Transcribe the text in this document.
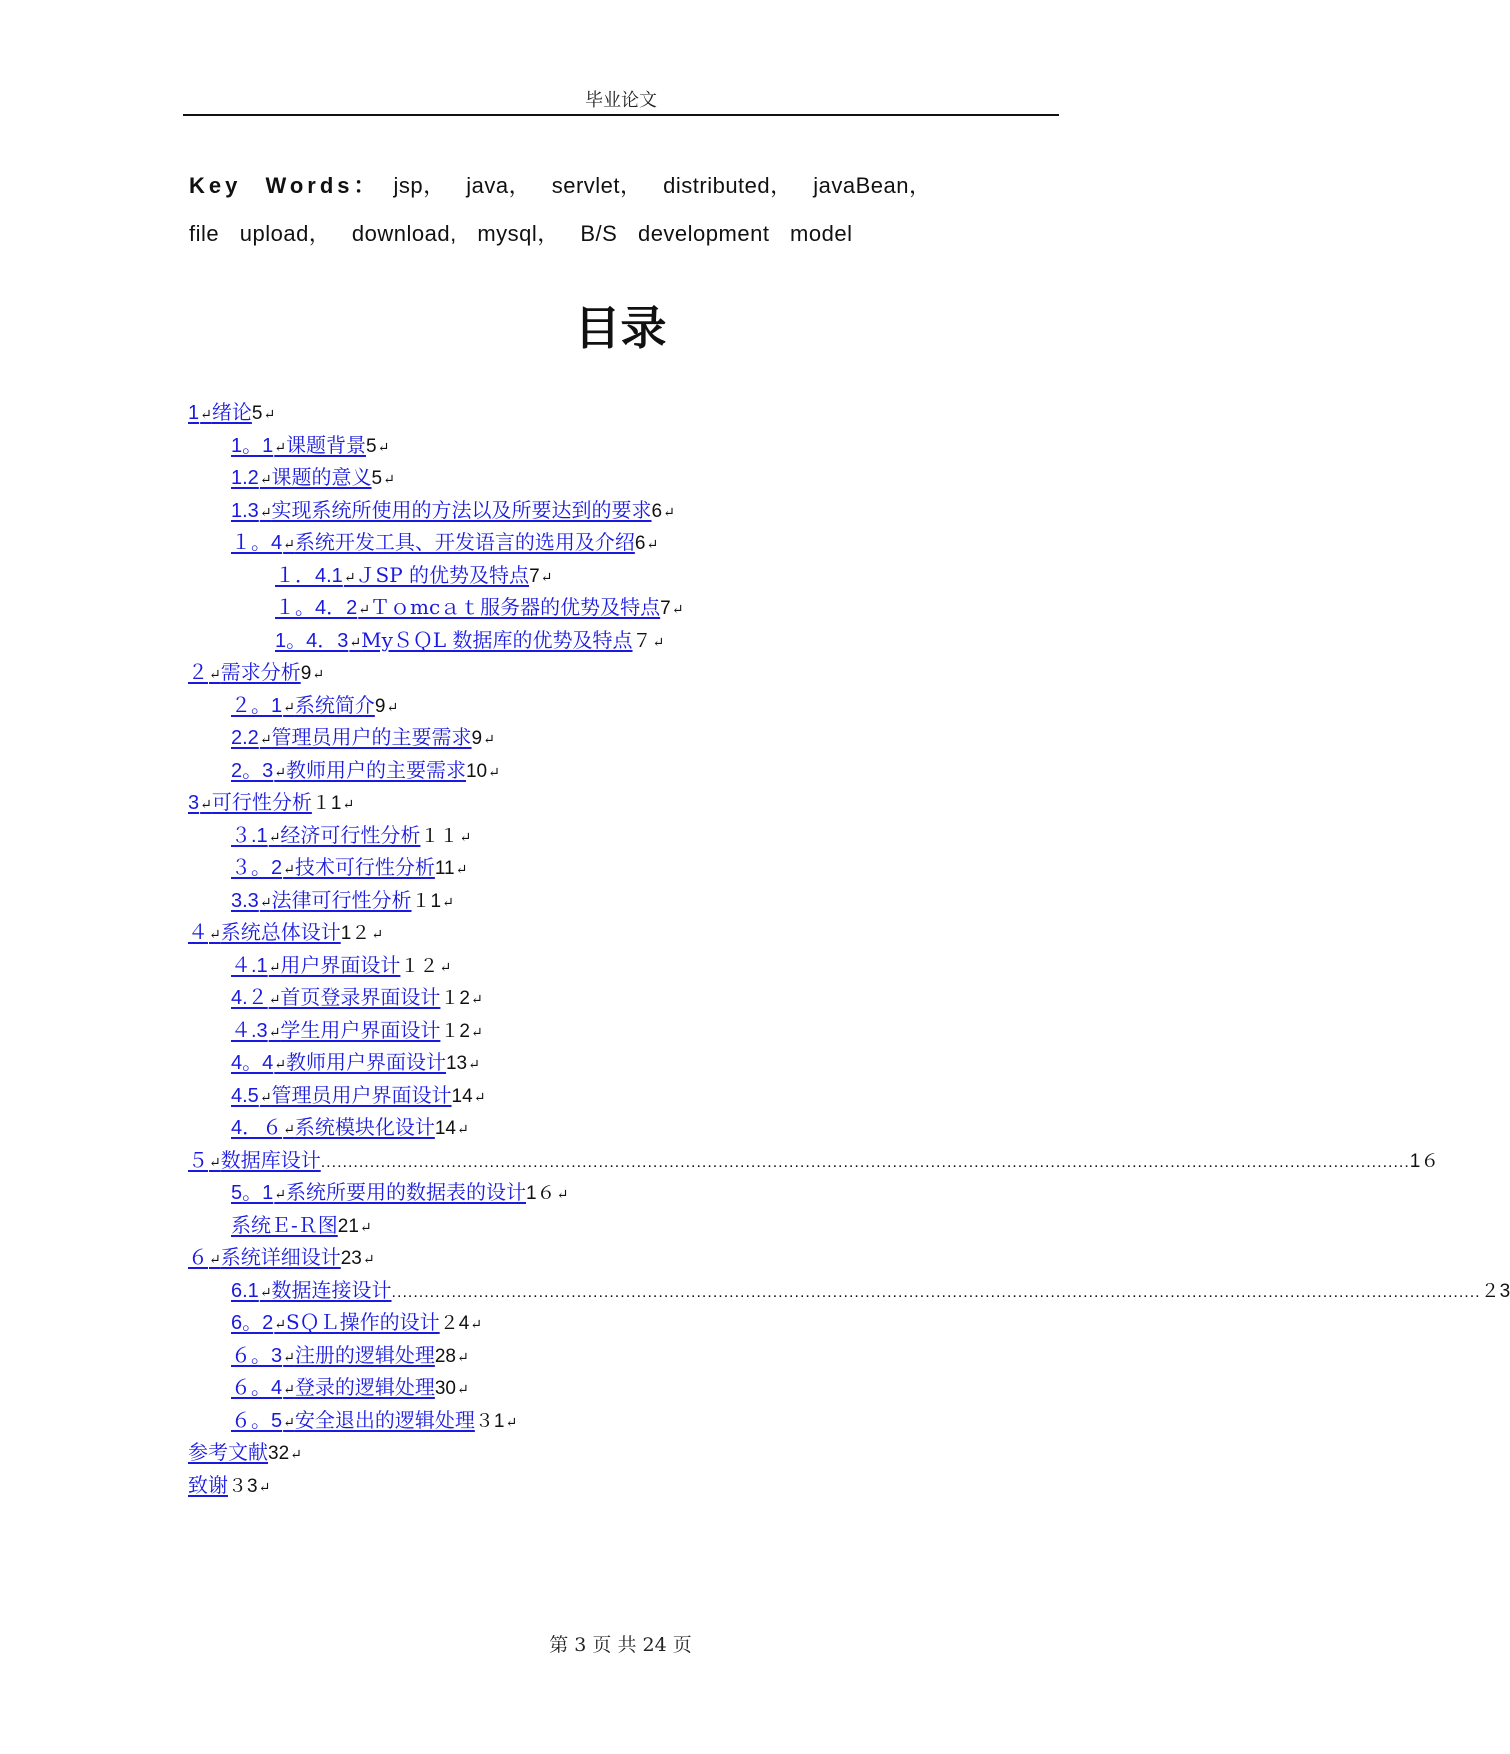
毕业论文
Key Words： jsp， java， servlet， distributed， javaBean，
file upload， download, mysql， B/S development model
目录
1↵绪论 5 ↵
1。1↵课题背景 5 ↵
1.2↵课题的意义 5 ↵
1.3↵实现系统所使用的方法以及所要达到的要求 6 ↵
１。4↵系统开发工具、开发语言的选用及介绍 6 ↵
１．4.1↵ＪSP 的优势及特点 7 ↵
１。4．2↵Ｔｏmcａｔ服务器的优势及特点 7 ↵
1。4．3↵MyＳＱL 数据库的优势及特点 ７ ↵
２↵需求分析 9 ↵
２。1↵系统简介 9 ↵
2.2↵管理员用户的主要需求 9 ↵
2。3↵教师用户的主要需求 10 ↵
3↵可行性分析 １1 ↵
３.1↵经济可行性分析 １１ ↵
３。2↵技术可行性分析 11 ↵
3.3↵法律可行性分析 １1 ↵
４↵系统总体设计 1２ ↵
４.1↵用户界面设计 １２ ↵
4.２↵首页登录界面设计 １2 ↵
４.3↵学生用户界面设计 １2 ↵
4。4↵教师用户界面设计 13 ↵
4.5↵管理员用户界面设计 14 ↵
4．６↵系统模块化设计 14 ↵
５↵数据库设计 ........................................................................................................................................................................................................ 1６
5。1↵系统所要用的数据表的设计 1６ ↵
系统Ｅ-Ｒ图 21 ↵
６↵系统详细设计 23 ↵
6.1↵数据连接设计 ........................................................................................................................................................................................................ ２3
6。2↵SＱＬ操作的设计 ２4 ↵
６。3↵注册的逻辑处理 28 ↵
６。4↵登录的逻辑处理 30 ↵
６。5↵安全退出的逻辑处理 ３1 ↵
参考文献 32 ↵
致谢 ３3 ↵
第 3 页 共 24 页
